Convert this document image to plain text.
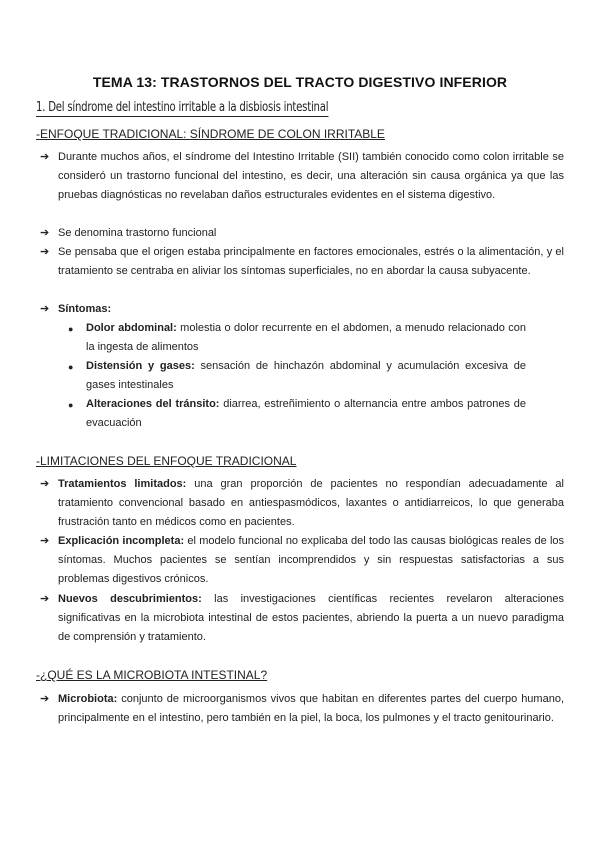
TEMA 13: TRASTORNOS DEL TRACTO DIGESTIVO INFERIOR
1. Del síndrome del intestino irritable a la disbiosis intestinal
-ENFOQUE TRADICIONAL: SÍNDROME DE COLON IRRITABLE
➔ Durante muchos años, el síndrome del Intestino Irritable (SII) también conocido como colon irritable se consideró un trastorno funcional del intestino, es decir, una alteración sin causa orgánica ya que las pruebas diagnósticas no revelaban daños estructurales evidentes en el sistema digestivo.
➔ Se denomina trastorno funcional
➔ Se pensaba que el origen estaba principalmente en factores emocionales, estrés o la alimentación, y el tratamiento se centraba en aliviar los síntomas superficiales, no en abordar la causa subyacente.
➔ Síntomas:
● Dolor abdominal: molestia o dolor recurrente en el abdomen, a menudo relacionado con la ingesta de alimentos
● Distensión y gases: sensación de hinchazón abdominal y acumulación excesiva de gases intestinales
● Alteraciones del tránsito: diarrea, estreñimiento o alternancia entre ambos patrones de evacuación
-LIMITACIONES DEL ENFOQUE TRADICIONAL
➔ Tratamientos limitados: una gran proporción de pacientes no respondían adecuadamente al tratamiento convencional basado en antiespasmódicos, laxantes o antidiarreicos, lo que generaba frustración tanto en médicos como en pacientes.
➔ Explicación incompleta: el modelo funcional no explicaba del todo las causas biológicas reales de los síntomas. Muchos pacientes se sentían incomprendidos y sin respuestas satisfactorias a sus problemas digestivos crónicos.
➔ Nuevos descubrimientos: las investigaciones científicas recientes revelaron alteraciones significativas en la microbiota intestinal de estos pacientes, abriendo la puerta a un nuevo paradigma de comprensión y tratamiento.
-¿QUÉ ES LA MICROBIOTA INTESTINAL?
➔ Microbiota: conjunto de microorganismos vivos que habitan en diferentes partes del cuerpo humano, principalmente en el intestino, pero también en la piel, la boca, los pulmones y el tracto genitourinario.
